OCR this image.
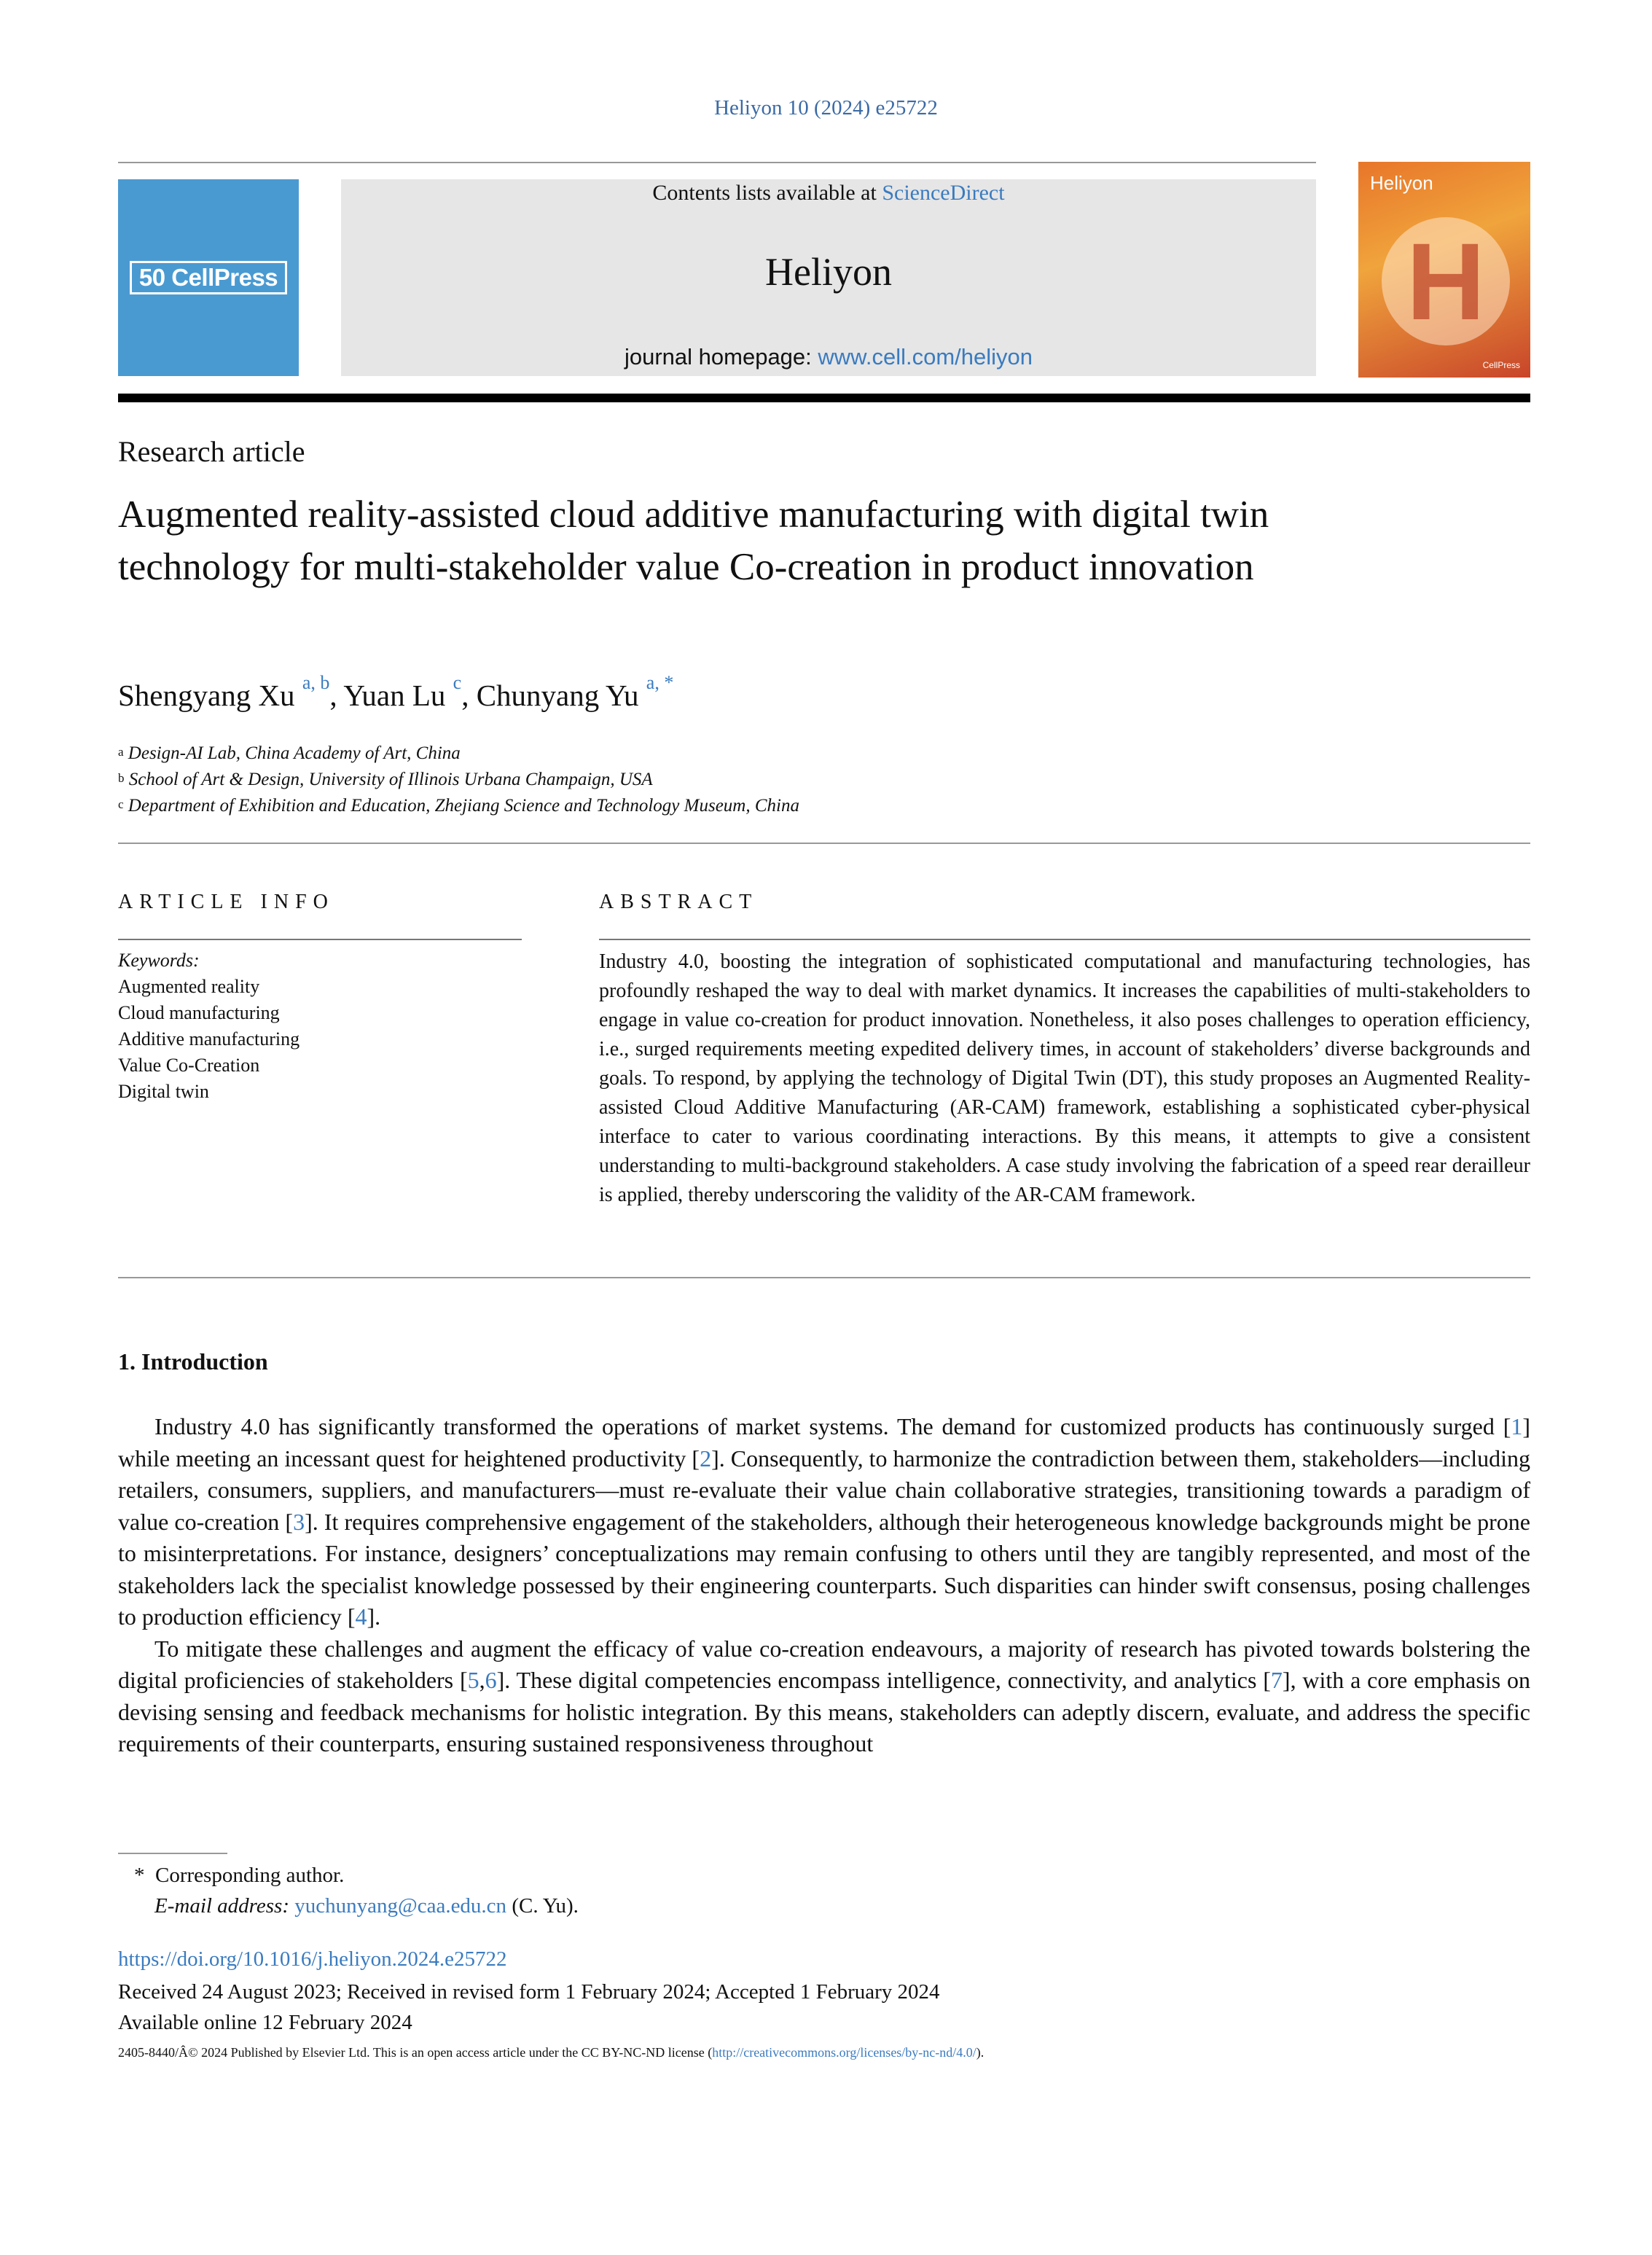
Heliyon 10 (2024) e25722
50 CellPress
Contents lists available at ScienceDirect
Heliyon
journal homepage: www.cell.com/heliyon
Heliyon
H
CellPress
Research article
Augmented reality-assisted cloud additive manufacturing with digital twin technology for multi-stakeholder value Co-creation in product innovation
Shengyang Xu $^{a, b}$, Yuan Lu $^c$, Chunyang Yu $^{a, *}$
$^a$ Design-AI Lab, China Academy of Art, China
$^b$ School of Art & Design, University of Illinois Urbana Champaign, USA
$^c$ Department of Exhibition and Education, Zhejiang Science and Technology Museum, China
ARTICLE INFO	ABSTRACT
Keywords:
Augmented reality
Cloud manufacturing
Additive manufacturing
Value Co-Creation
Digital twin
Industry 4.0, boosting the integration of sophisticated computational and manufacturing technologies, has profoundly reshaped the way to deal with market dynamics. It increases the capabilities of multi-stakeholders to engage in value co-creation for product innovation. Nonetheless, it also poses challenges to operation efficiency, i.e., surged requirements meeting expedited delivery times, in account of stakeholders’ diverse backgrounds and goals. To respond, by applying the technology of Digital Twin (DT), this study proposes an Augmented Reality-assisted Cloud Additive Manufacturing (AR-CAM) framework, establishing a sophisticated cyber-physical interface to cater to various coordinating interactions. By this means, it attempts to give a consistent understanding to multi-background stakeholders. A case study involving the fabrication of a speed rear derailleur is applied, thereby underscoring the validity of the AR-CAM framework.
1. Introduction

Industry 4.0 has significantly transformed the operations of market systems. The demand for customized products has continuously surged [1] while meeting an incessant quest for heightened productivity [2]. Consequently, to harmonize the contradiction between them, stakeholders—including retailers, consumers, suppliers, and manufacturers—must re-evaluate their value chain collaborative strategies, transitioning towards a paradigm of value co-creation [3]. It requires comprehensive engagement of the stakeholders, although their heterogeneous knowledge backgrounds might be prone to misinterpretations. For instance, designers’ conceptualizations may remain confusing to others until they are tangibly represented, and most of the stakeholders lack the specialist knowledge possessed by their engineering counterparts. Such disparities can hinder swift consensus, posing challenges to production efficiency [4].

To mitigate these challenges and augment the efficacy of value co-creation endeavours, a majority of research has pivoted towards bolstering the digital proficiencies of stakeholders [5,6]. These digital competencies encompass intelligence, connectivity, and analytics [7], with a core emphasis on devising sensing and feedback mechanisms for holistic integration. By this means, stakeholders can adeptly discern, evaluate, and address the specific requirements of their counterparts, ensuring sustained responsiveness throughout

* Corresponding author.
E-mail address: yuchunyang@caa.edu.cn (C. Yu).
https://doi.org/10.1016/j.heliyon.2024.e25722
Received 24 August 2023; Received in revised form 1 February 2024; Accepted 1 February 2024
Available online 12 February 2024
2405-8440/Â© 2024 Published by Elsevier Ltd. This is an open access article under the CC BY-NC-ND license (http://creativecommons.org/licenses/by-nc-nd/4.0/).
